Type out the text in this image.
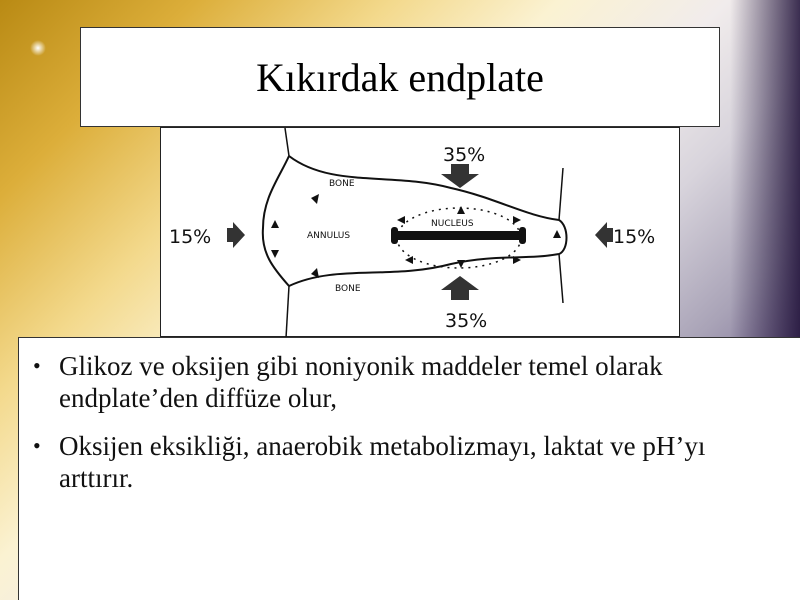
Kıkırdak endplate
35%
35%
15%	15%
BONE
BONE
ANNULUS
NUCLEUS
• Glikoz ve oksijen gibi noniyonik maddeler temel olarak endplate’den diffüze olur,
• Oksijen eksikliği, anaerobik metabolizmayı, laktat ve pH’yı arttırır.
